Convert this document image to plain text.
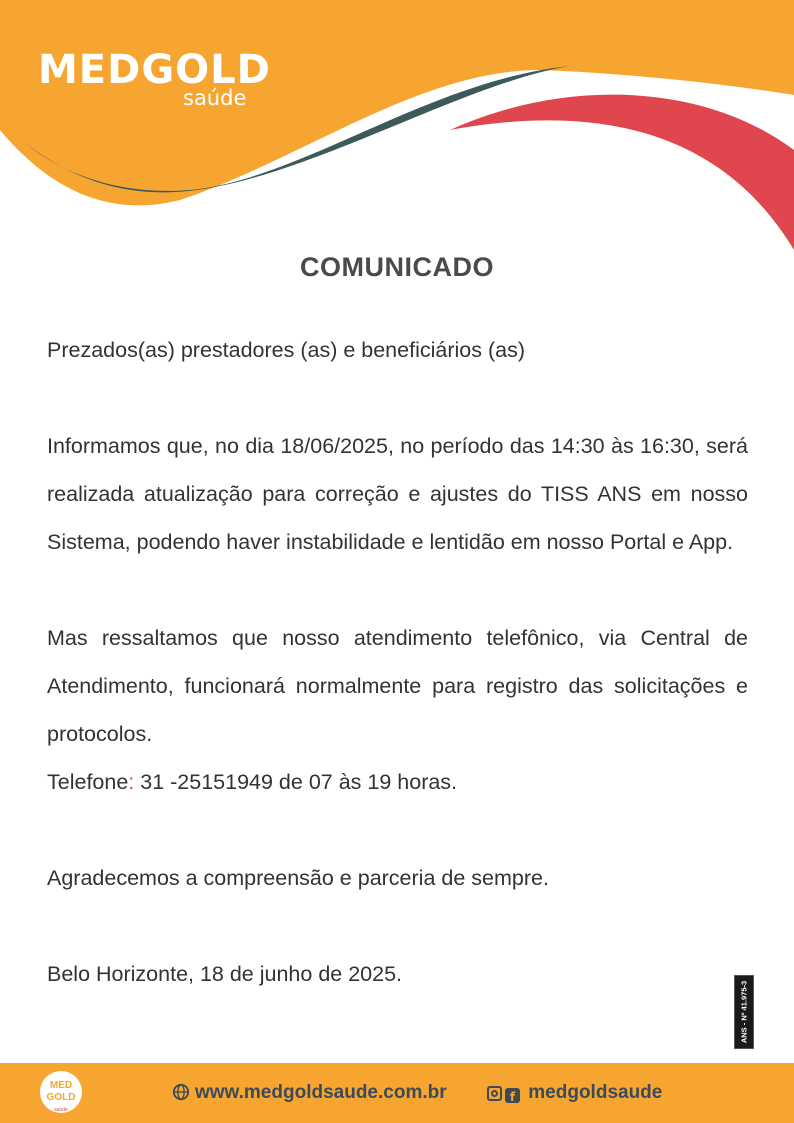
MEDGOLD
saúde
COMUNICADO

Prezados(as) prestadores (as) e beneficiários (as)

Informamos que, no dia 18/06/2025, no período das 14:30 às 16:30, será realizada atualização para correção e ajustes do TISS ANS em nosso Sistema, podendo haver instabilidade e lentidão em nosso Portal e App.

Mas ressaltamos que nosso atendimento telefônico, via Central de Atendimento, funcionará normalmente para registro das solicitações e protocolos.

Telefone: 31 -25151949 de 07 às 19 horas.

Agradecemos a compreensão e parceria de sempre.

Belo Horizonte, 18 de junho de 2025.

ANS - Nº 41.975-3
MED GOLD
saúde
www.medgoldsaude.com.br	f medgoldsaude
